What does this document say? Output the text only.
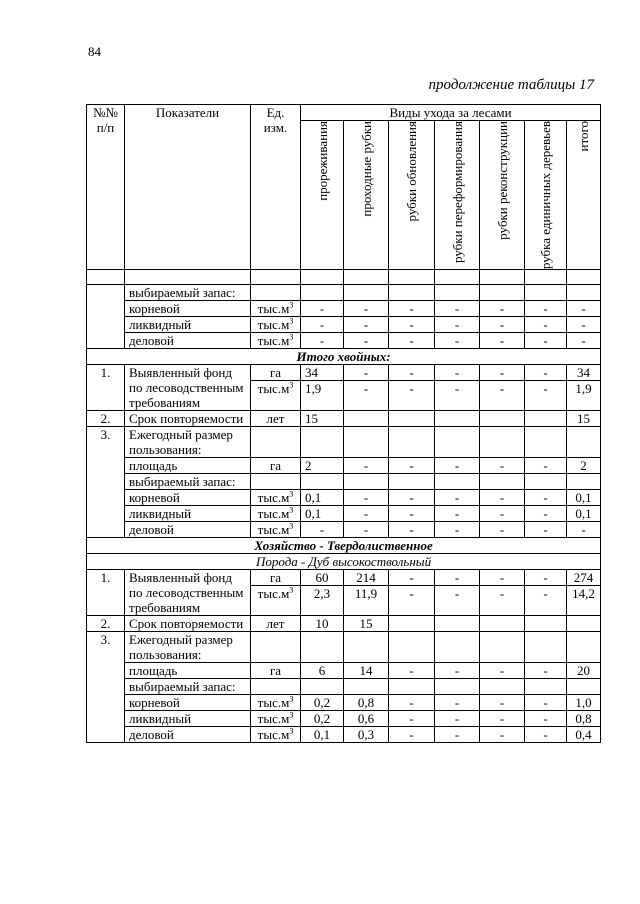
84
продолжение таблицы 17
№№ п/п	Показатели	Ед. изм.	Виды ухода за лесами						

			прореживания	проходные рубки	рубки обновления	рубки переформирования	рубки реконструкции	рубка единичных деревьев	итого

	выбираемый запас:								
	корневой	$тыс.м^3$	-	-	-	-	-	-	-
	ликвидный	$тыс.м^3$	-	-	-	-	-	-	-
	деловой	$тыс.м^3$	-	-	-	-	-	-	-
Итого хвойных:									
1.	Выявленный фонд по лесоводственным требованиям	га	34	-	-	-	-	-	34
		$тыс.м^3$	1,9	-	-	-	-	-	1,9
2.	Срок повторяемости	лет	15						15
3.	Ежегодный размер пользования:								
	площадь	га	2	-	-	-	-	-	2
	выбираемый запас:								
	корневой	$тыс.м^3$	0,1	-	-	-	-	-	0,1
	ликвидный	$тыс.м^3$	0,1	-	-	-	-	-	0,1
	деловой	$тыс.м^3$	-	-	-	-	-	-	-
Хозяйство - Твердолиственное									
Порода - Дуб высокоствольный									
1.	Выявленный фонд по лесоводственным требованиям	га	60	214	-	-	-	-	274
		$тыс.м^3$	2,3	11,9	-	-	-	-	14,2
2.	Срок повторяемости	лет	10	15					
3.	Ежегодный размер пользования:								
	площадь	га	6	14	-	-	-	-	20
	выбираемый запас:								
	корневой	$тыс.м^3$	0,2	0,8	-	-	-	-	1,0
	ликвидный	$тыс.м^3$	0,2	0,6	-	-	-	-	0,8
	деловой	$тыс.м^3$	0,1	0,3	-	-	-	-	0,4
